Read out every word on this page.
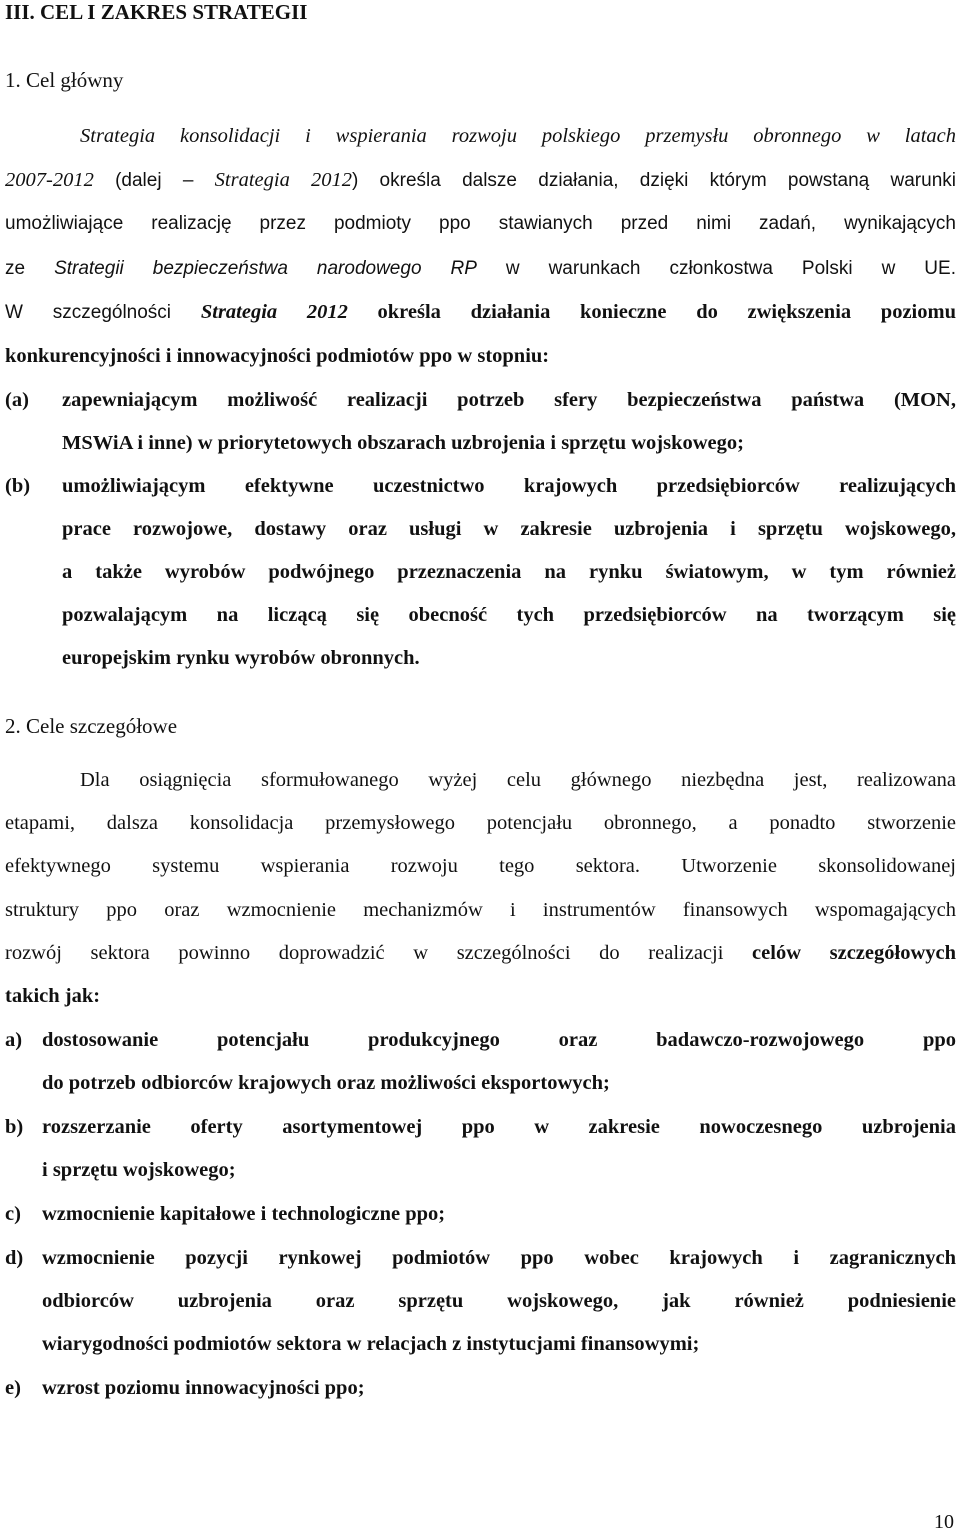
III. CEL I ZAKRES STRATEGII
1. Cel główny
Strategia konsolidacji i wspierania rozwoju polskiego przemysłu obronnego w latach
2007-2012 (dalej – Strategia 2012) określa dalsze działania, dzięki którym powstaną warunki
umożliwiające realizację przez podmioty ppo stawianych przed nimi zadań, wynikających
ze Strategii bezpieczeństwa narodowego RP w warunkach członkostwa Polski w UE.
W szczególności Strategia 2012 określa działania konieczne do zwiększenia poziomu
konkurencyjności i innowacyjności podmiotów ppo w stopniu:
(a) zapewniającym możliwość realizacji potrzeb sfery bezpieczeństwa państwa (MON,
MSWiA i inne) w priorytetowych obszarach uzbrojenia i sprzętu wojskowego;
(b) umożliwiającym efektywne uczestnictwo krajowych przedsiębiorców realizujących
prace rozwojowe, dostawy oraz usługi w zakresie uzbrojenia i sprzętu wojskowego,
a także wyrobów podwójnego przeznaczenia na rynku światowym, w tym również
pozwalającym na liczącą się obecność tych przedsiębiorców na tworzącym się
europejskim rynku wyrobów obronnych.
2. Cele szczegółowe
Dla osiągnięcia sformułowanego wyżej celu głównego niezbędna jest, realizowana
etapami, dalsza konsolidacja przemysłowego potencjału obronnego, a ponadto stworzenie
efektywnego systemu wspierania rozwoju tego sektora. Utworzenie skonsolidowanej
struktury ppo oraz wzmocnienie mechanizmów i instrumentów finansowych wspomagających
rozwój sektora powinno doprowadzić w szczególności do realizacji celów szczegółowych
takich jak:
a) dostosowanie potencjału produkcyjnego oraz badawczo-rozwojowego ppo
do potrzeb odbiorców krajowych oraz możliwości eksportowych;
b) rozszerzanie oferty asortymentowej ppo w zakresie nowoczesnego uzbrojenia
i sprzętu wojskowego;
c) wzmocnienie kapitałowe i technologiczne ppo;
d) wzmocnienie pozycji rynkowej podmiotów ppo wobec krajowych i zagranicznych
odbiorców uzbrojenia oraz sprzętu wojskowego, jak również podniesienie
wiarygodności podmiotów sektora w relacjach z instytucjami finansowymi;
e) wzrost poziomu innowacyjności ppo;
10
